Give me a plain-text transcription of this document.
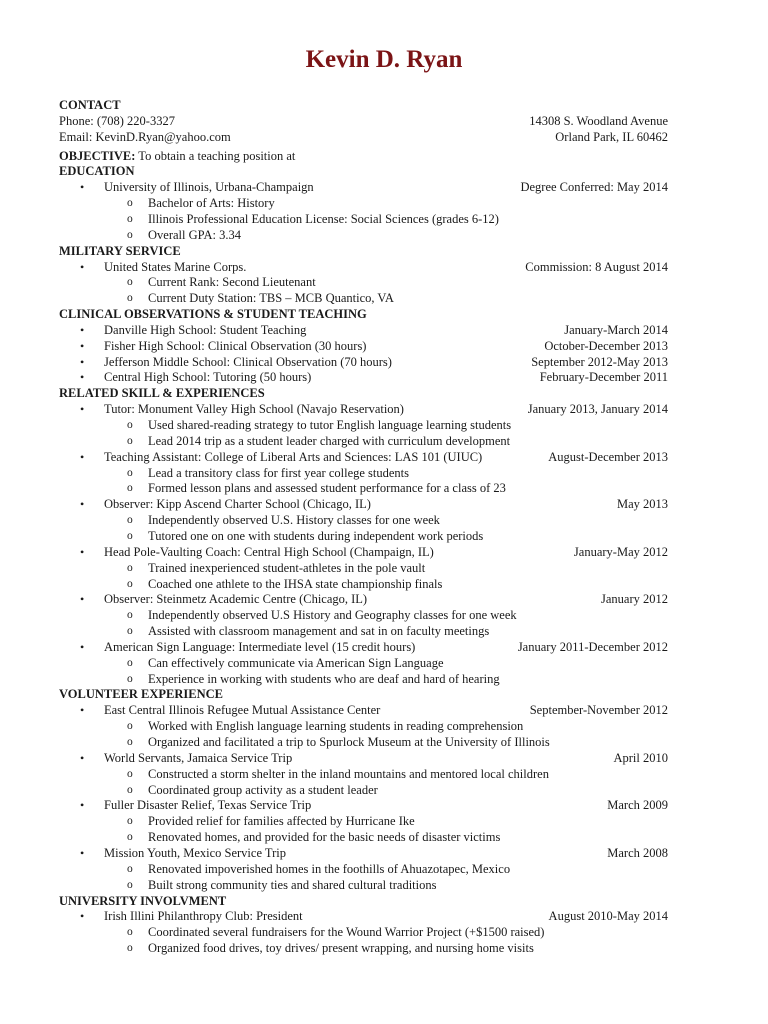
Kevin D. Ryan
CONTACT
Phone: (708) 220-3327	14308 S. Woodland Avenue
Email: KevinD.Ryan@yahoo.com	Orland Park, IL 60462
OBJECTIVE: To obtain a teaching position at
EDUCATION
•	University of Illinois, Urbana-Champaign	Degree Conferred: May 2014
o	Bachelor of Arts: History
o	Illinois Professional Education License: Social Sciences (grades 6-12)
o	Overall GPA: 3.34
MILITARY SERVICE
•	United States Marine Corps.	Commission: 8 August 2014
o	Current Rank: Second Lieutenant
o	Current Duty Station: TBS – MCB Quantico, VA
CLINICAL OBSERVATIONS & STUDENT TEACHING
•	Danville High School: Student Teaching	January-March 2014
•	Fisher High School: Clinical Observation (30 hours)	October-December 2013
•	Jefferson Middle School: Clinical Observation (70 hours)	September 2012-May 2013
•	Central High School: Tutoring (50 hours)	February-December 2011
RELATED SKILL & EXPERIENCES
•	Tutor: Monument Valley High School (Navajo Reservation)	January 2013, January 2014
o	Used shared-reading strategy to tutor English language learning students
o	Lead 2014 trip as a student leader charged with curriculum development
•	Teaching Assistant: College of Liberal Arts and Sciences: LAS 101 (UIUC)	August-December 2013
o	Lead a transitory class for first year college students
o	Formed lesson plans and assessed student performance for a class of 23
•	Observer: Kipp Ascend Charter School (Chicago, IL)	May 2013
o	Independently observed U.S. History classes for one week
o	Tutored one on one with students during independent work periods
•	Head Pole-Vaulting Coach: Central High School (Champaign, IL)	January-May 2012
o	Trained inexperienced student-athletes in the pole vault
o	Coached one athlete to the IHSA state championship finals
•	Observer: Steinmetz Academic Centre (Chicago, IL)	January 2012
o	Independently observed U.S History and Geography classes for one week
o	Assisted with classroom management and sat in on faculty meetings
•	American Sign Language: Intermediate level (15 credit hours)	January 2011-December 2012
o	Can effectively communicate via American Sign Language
o	Experience in working with students who are deaf and hard of hearing
VOLUNTEER EXPERIENCE
•	East Central Illinois Refugee Mutual Assistance Center	September-November 2012
o	Worked with English language learning students in reading comprehension
o	Organized and facilitated a trip to Spurlock Museum at the University of Illinois
•	World Servants, Jamaica Service Trip	April 2010
o	Constructed a storm shelter in the inland mountains and mentored local children
o	Coordinated group activity as a student leader
•	Fuller Disaster Relief, Texas Service Trip	March 2009
o	Provided relief for families affected by Hurricane Ike
o	Renovated homes, and provided for the basic needs of disaster victims
•	Mission Youth, Mexico Service Trip	March 2008
o	Renovated impoverished homes in the foothills of Ahuazotapec, Mexico
o	Built strong community ties and shared cultural traditions
UNIVERSITY INVOLVMENT
•	Irish Illini Philanthropy Club: President	August 2010-May 2014
o	Coordinated several fundraisers for the Wound Warrior Project (+$1500 raised)
o	Organized food drives, toy drives/ present wrapping, and nursing home visits
